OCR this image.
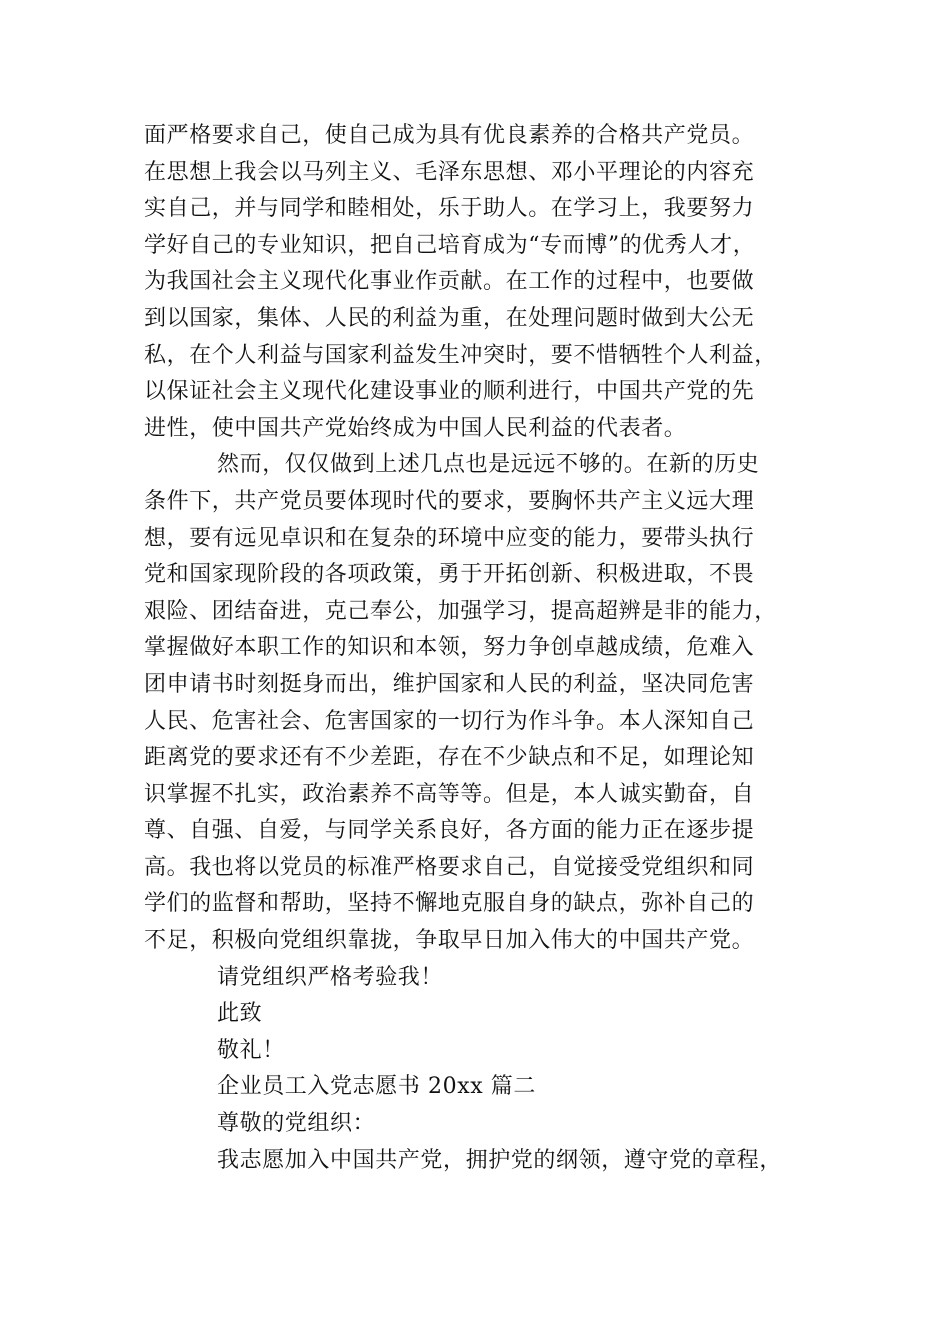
面严格要求自己，使自己成为具有优良素养的合格共产党员。
在思想上我会以马列主义、毛泽东思想、邓小平理论的内容充
实自己，并与同学和睦相处，乐于助人。在学习上，我要努力
学好自己的专业知识，把自己培育成为“专而博”的优秀人才，
为我国社会主义现代化事业作贡献。在工作的过程中，也要做
到以国家，集体、人民的利益为重，在处理问题时做到大公无
私，在个人利益与国家利益发生冲突时，要不惜牺牲个人利益，
以保证社会主义现代化建设事业的顺利进行，中国共产党的先
进性，使中国共产党始终成为中国人民利益的代表者。
然而，仅仅做到上述几点也是远远不够的。在新的历史
条件下，共产党员要体现时代的要求，要胸怀共产主义远大理
想，要有远见卓识和在复杂的环境中应变的能力，要带头执行
党和国家现阶段的各项政策，勇于开拓创新、积极进取，不畏
艰险、团结奋进，克己奉公，加强学习，提高超辨是非的能力，
掌握做好本职工作的知识和本领，努力争创卓越成绩，危难入
团申请书时刻挺身而出，维护国家和人民的利益，坚决同危害
人民、危害社会、危害国家的一切行为作斗争。本人深知自己
距离党的要求还有不少差距，存在不少缺点和不足，如理论知
识掌握不扎实，政治素养不高等等。但是，本人诚实勤奋，自
尊、自强、自爱，与同学关系良好，各方面的能力正在逐步提
高。我也将以党员的标准严格要求自己，自觉接受党组织和同
学们的监督和帮助，坚持不懈地克服自身的缺点，弥补自己的
不足，积极向党组织靠拢，争取早日加入伟大的中国共产党。
请党组织严格考验我！
此致
敬礼！
企业员工入党志愿书 20xx 篇二
尊敬的党组织：
我志愿加入中国共产党，拥护党的纲领，遵守党的章程，
